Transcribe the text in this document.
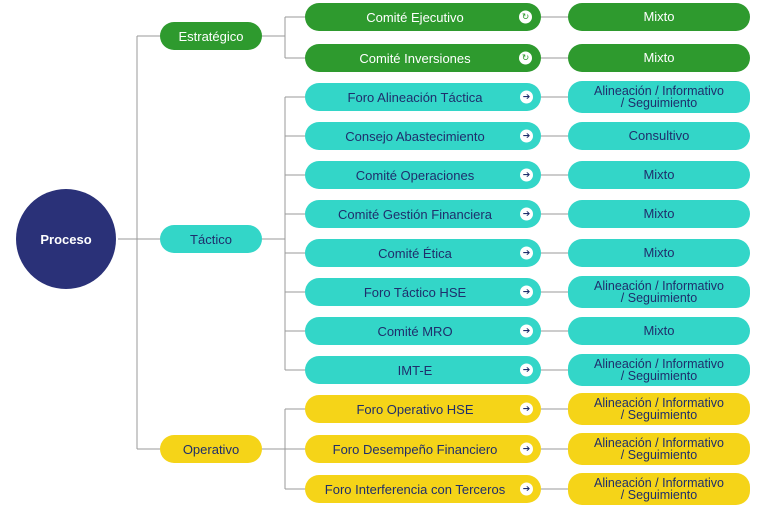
Proceso
Estratégico
Táctico
Operativo
Comité Ejecutivo	↻	Mixto
Comité Inversiones	↻	Mixto
Foro Alineación Táctica	➔	Alineación / Informativo
/ Seguimiento
Consejo Abastecimiento	➔	Consultivo
Comité Operaciones	➔	Mixto
Comité Gestión Financiera	➔	Mixto
Comité Ética	➔	Mixto
Foro Táctico HSE	➔	Alineación / Informativo
/ Seguimiento
Comité MRO	➔	Mixto
IMT-E	➔	Alineación / Informativo
/ Seguimiento
Foro Operativo HSE	➔	Alineación / Informativo
/ Seguimiento
Foro Desempeño Financiero	➔	Alineación / Informativo
/ Seguimiento
Foro Interferencia con Terceros	➔	Alineación / Informativo
/ Seguimiento
